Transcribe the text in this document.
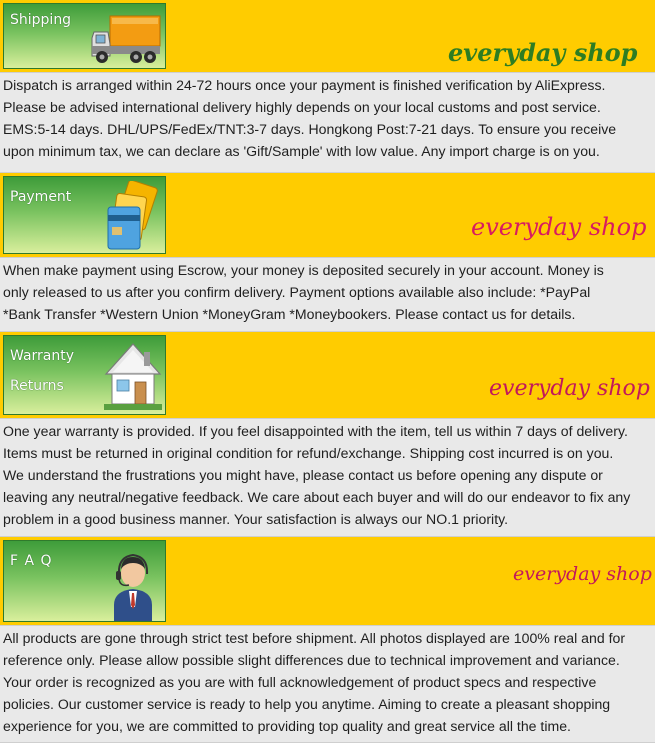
Shipping
everyday shop
Dispatch is arranged within 24-72 hours once your payment is finished verification by AliExpress.
Please be advised international delivery highly depends on your local customs and post service.
EMS:5-14 days. DHL/UPS/FedEx/TNT:3-7 days. Hongkong Post:7-21 days. To ensure you receive
upon minimum tax, we can declare as 'Gift/Sample' with low value. Any import charge is on you.
Payment
everyday shop
When make payment using Escrow, your money is deposited securely in your account. Money is
only released to us after you confirm delivery. Payment options available also include: *PayPal
*Bank Transfer *Western Union *MoneyGram *Moneybookers. Please contact us for details.
Warranty
Returns	everyday shop
One year warranty is provided. If you feel disappointed with the item, tell us within 7 days of delivery.
Items must be returned in original condition for refund/exchange. Shipping cost incurred is on you.
We understand the frustrations you might have, please contact us before opening any dispute or
leaving any neutral/negative feedback. We care about each buyer and will do our endeavor to fix any
problem in a good business manner. Your satisfaction is always our NO.1 priority.
F A Q
everyday shop
All products are gone through strict test before shipment. All photos displayed are 100% real and for
reference only. Please allow possible slight differences due to technical improvement and variance.
Your order is recognized as you are with full acknowledgement of product specs and respective
policies. Our customer service is ready to help you anytime. Aiming to create a pleasant shopping
experience for you, we are committed to providing top quality and great service all the time.
